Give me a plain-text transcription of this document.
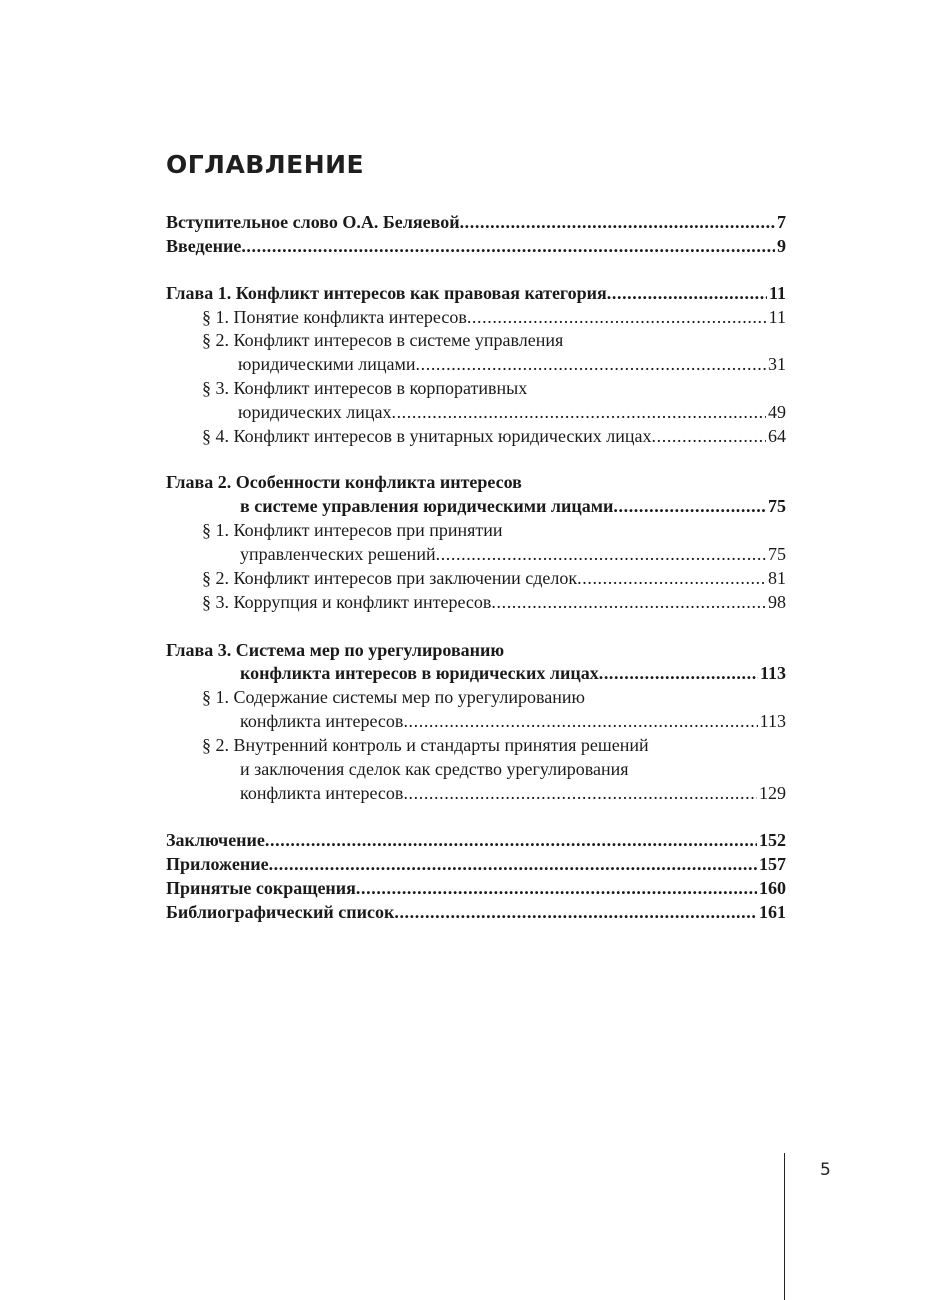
ОГЛАВЛЕНИЕ
Вступительное слово О.А. Беляевой .....	7
Введение .....	9
Глава 1. Конфликт интересов как правовая категория .....	11
§ 1. Понятие конфликта интересов .....	11
§ 2. Конфликт интересов в системе управления
юридическими лицами .....	31
§ 3. Конфликт интересов в корпоративных
юридических лицах .....	49
§ 4. Конфликт интересов в унитарных юридических лицах .....	64
Глава 2. Особенности конфликта интересов
в системе управления юридическими лицами .....	75
§ 1. Конфликт интересов при принятии
управленческих решений .....	75
§ 2. Конфликт интересов при заключении сделок .....	81
§ 3. Коррупция и конфликт интересов .....	98
Глава 3. Система мер по урегулированию
конфликта интересов в юридических лицах .....	113
§ 1. Содержание системы мер по урегулированию
конфликта интересов .....	113
§ 2. Внутренний контроль и стандарты принятия решений
и заключения сделок как средство урегулирования
конфликта интересов .....	129
Заключение .....	152
Приложение .....	157
Принятые сокращения .....	160
Библиографический список .....	161
5
